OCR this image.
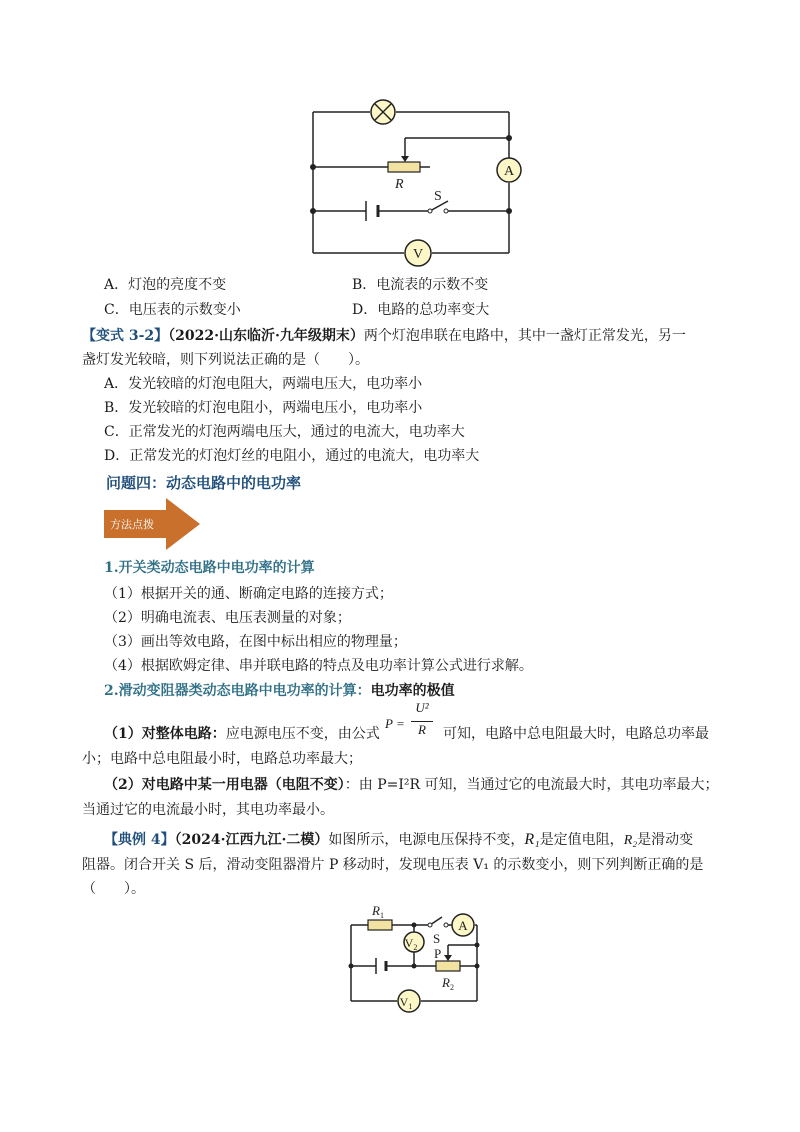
A
V
R
S
A．灯泡的亮度不变	B．电流表的示数不变
C．电压表的示数变小	D．电路的总功率变大
【变式 3-2】（2022·山东临沂·九年级期末）两个灯泡串联在电路中，其中一盏灯正常发光，另一
盏灯发光较暗，则下列说法正确的是（　　）。
A．发光较暗的灯泡电阻大，两端电压大，电功率小
B．发光较暗的灯泡电阻小，两端电压小，电功率小
C．正常发光的灯泡两端电压大，通过的电流大，电功率大
D．正常发光的灯泡灯丝的电阻小，通过的电流大，电功率大
问题四：动态电路中的电功率
方法点拨
1.开关类动态电路中电功率的计算
（1）根据开关的通、断确定电路的连接方式；
（2）明确电流表、电压表测量的对象；
（3）画出等效电路，在图中标出相应的物理量；
（4）根据欧姆定律、串并联电路的特点及电功率计算公式进行求解。
2.滑动变阻器类动态电路中电功率的计算：电功率的极值
（1）对整体电路：应电源电压不变，由公式
P =
U²
R	可知，电路中总电阻最大时，电路总功率最
小；电路中总电阻最小时，电路总功率最大；
（2）对电路中某一用电器（电阻不变）：由 P=I²R 可知，当通过它的电流最大时，其电功率最大；
当通过它的电流最小时，其电功率最小。
【典例 4】（2024·江西九江·二模）如图所示，电源电压保持不变，R₁是定值电阻，R₂是滑动变
阻器。闭合开关 S 后，滑动变阻器滑片 P 移动时，发现电压表 V₁ 的示数变小，则下列判断正确的是
（　　）。
A
$V_2$
$V_1$
$R_1$
S
P
$R_2$
